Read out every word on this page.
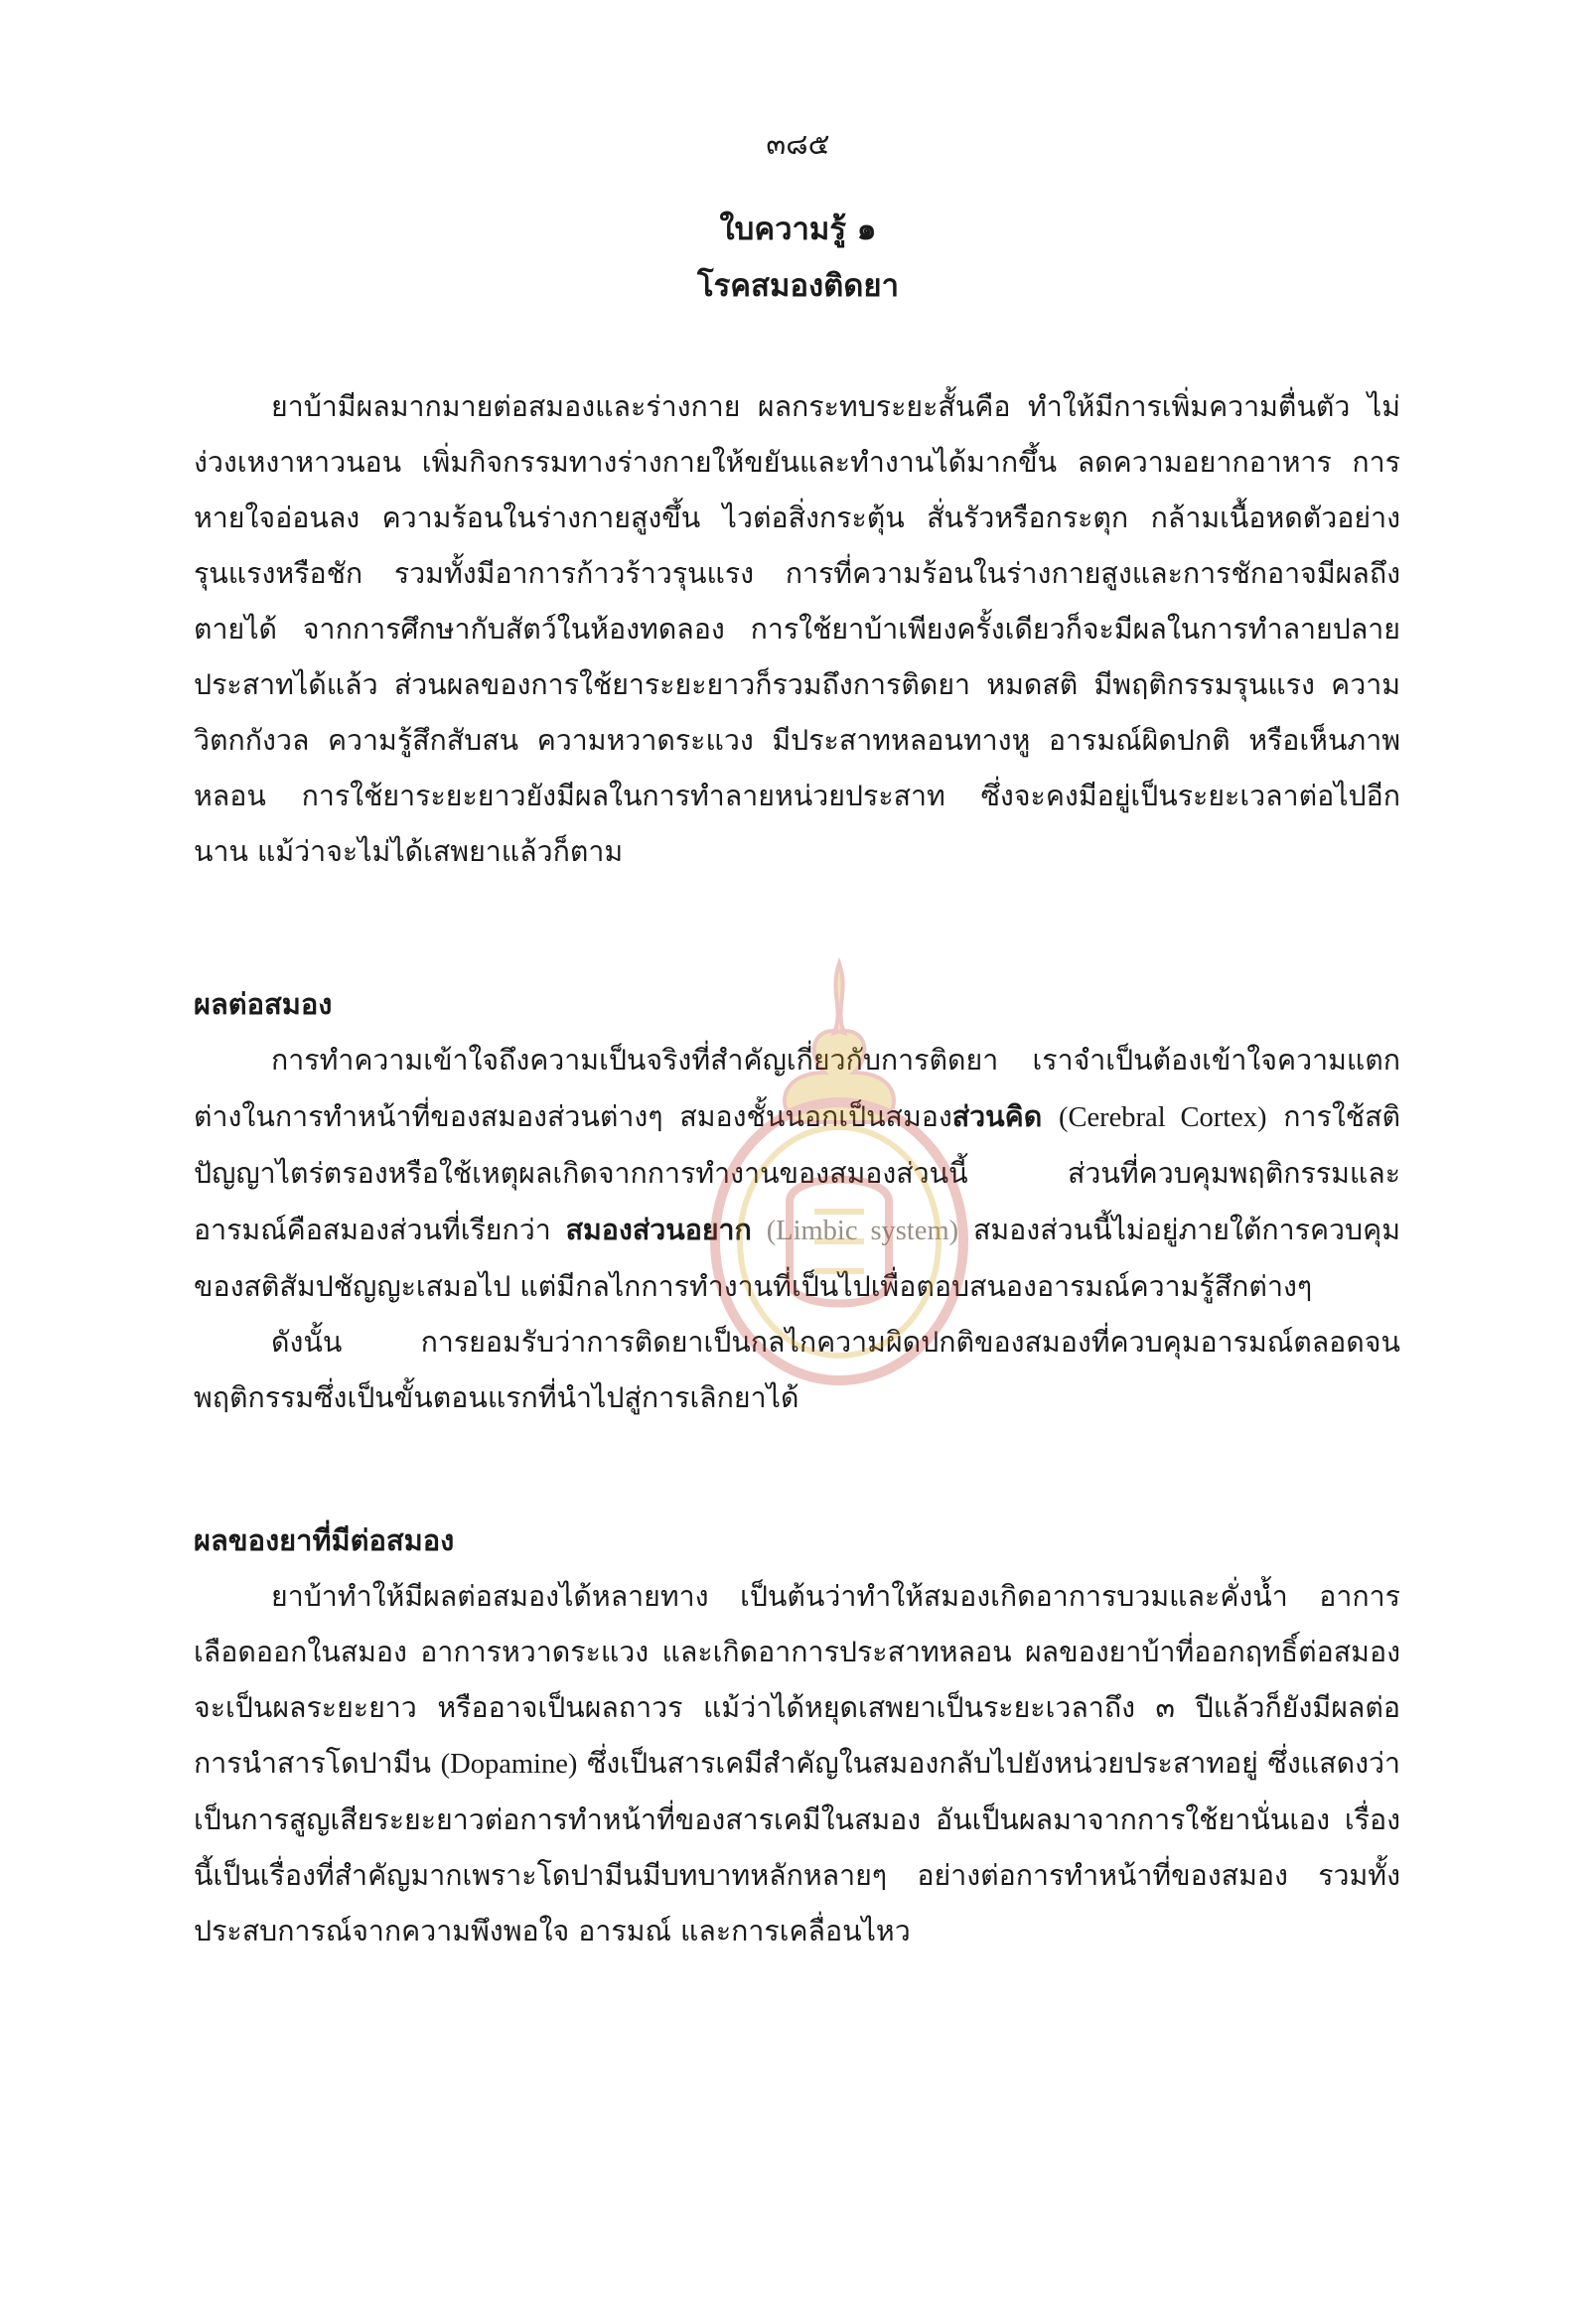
๓๘๕
ใบความรู้ ๑
โรคสมองติดยา

ยาบ้ามีผลมากมายต่อสมองและร่างกาย ผลกระทบระยะสั้นคือ ทำให้มีการเพิ่มความตื่นตัว ไม่ง่วงเหงาหาวนอน เพิ่มกิจกรรมทางร่างกายให้ขยันและทำงานได้มากขึ้น ลดความอยากอาหาร การหายใจอ่อนลง ความร้อนในร่างกายสูงขึ้น ไวต่อสิ่งกระตุ้น สั่นรัวหรือกระตุก กล้ามเนื้อหดตัวอย่างรุนแรงหรือชัก รวมทั้งมีอาการก้าวร้าวรุนแรง การที่ความร้อนในร่างกายสูงและการชักอาจมีผลถึงตายได้ จากการศึกษากับสัตว์ในห้องทดลอง การใช้ยาบ้าเพียงครั้งเดียวก็จะมีผลในการทำลายปลายประสาทได้แล้ว ส่วนผลของการใช้ยาระยะยาวก็รวมถึงการติดยา หมดสติ มีพฤติกรรมรุนแรง ความวิตกกังวล ความรู้สึกสับสน ความหวาดระแวง มีประสาทหลอนทางหู อารมณ์ผิดปกติ หรือเห็นภาพหลอน การใช้ยาระยะยาวยังมีผลในการทำลายหน่วยประสาท ซึ่งจะคงมีอยู่เป็นระยะเวลาต่อไปอีกนาน แม้ว่าจะไม่ได้เสพยาแล้วก็ตาม

ผลต่อสมอง

การทำความเข้าใจถึงความเป็นจริงที่สำคัญเกี่ยวกับการติดยา เราจำเป็นต้องเข้าใจความแตกต่างในการทำหน้าที่ของสมองส่วนต่างๆ สมองชั้นนอกเป็นสมองส่วนคิด (Cerebral Cortex) การใช้สติปัญญาไตร่ตรองหรือใช้เหตุผลเกิดจากการทำงานของสมองส่วนนี้ ส่วนที่ควบคุมพฤติกรรมและอารมณ์คือสมองส่วนที่เรียกว่า สมองส่วนอยาก (Limbic system) สมองส่วนนี้ไม่อยู่ภายใต้การควบคุมของสติสัมปชัญญะเสมอไป แต่มีกลไกการทำงานที่เป็นไปเพื่อตอบสนองอารมณ์ความรู้สึกต่างๆ
ดังนั้น การยอมรับว่าการติดยาเป็นกลไกความผิดปกติของสมองที่ควบคุมอารมณ์ตลอดจนพฤติกรรมซึ่งเป็นขั้นตอนแรกที่นำไปสู่การเลิกยาได้

ผลของยาที่มีต่อสมอง

ยาบ้าทำให้มีผลต่อสมองได้หลายทาง เป็นต้นว่าทำให้สมองเกิดอาการบวมและคั่งน้ำ อาการเลือดออกในสมอง อาการหวาดระแวง และเกิดอาการประสาทหลอน ผลของยาบ้าที่ออกฤทธิ์ต่อสมองจะเป็นผลระยะยาว หรืออาจเป็นผลถาวร แม้ว่าได้หยุดเสพยาเป็นระยะเวลาถึง ๓ ปีแล้วก็ยังมีผลต่อการนำสารโดปามีน (Dopamine) ซึ่งเป็นสารเคมีสำคัญในสมองกลับไปยังหน่วยประสาทอยู่ ซึ่งแสดงว่าเป็นการสูญเสียระยะยาวต่อการทำหน้าที่ของสารเคมีในสมอง อันเป็นผลมาจากการใช้ยานั่นเอง เรื่องนี้เป็นเรื่องที่สำคัญมากเพราะโดปามีนมีบทบาทหลักหลายๆ อย่างต่อการทำหน้าที่ของสมอง รวมทั้งประสบการณ์จากความพึงพอใจ อารมณ์ และการเคลื่อนไหว
